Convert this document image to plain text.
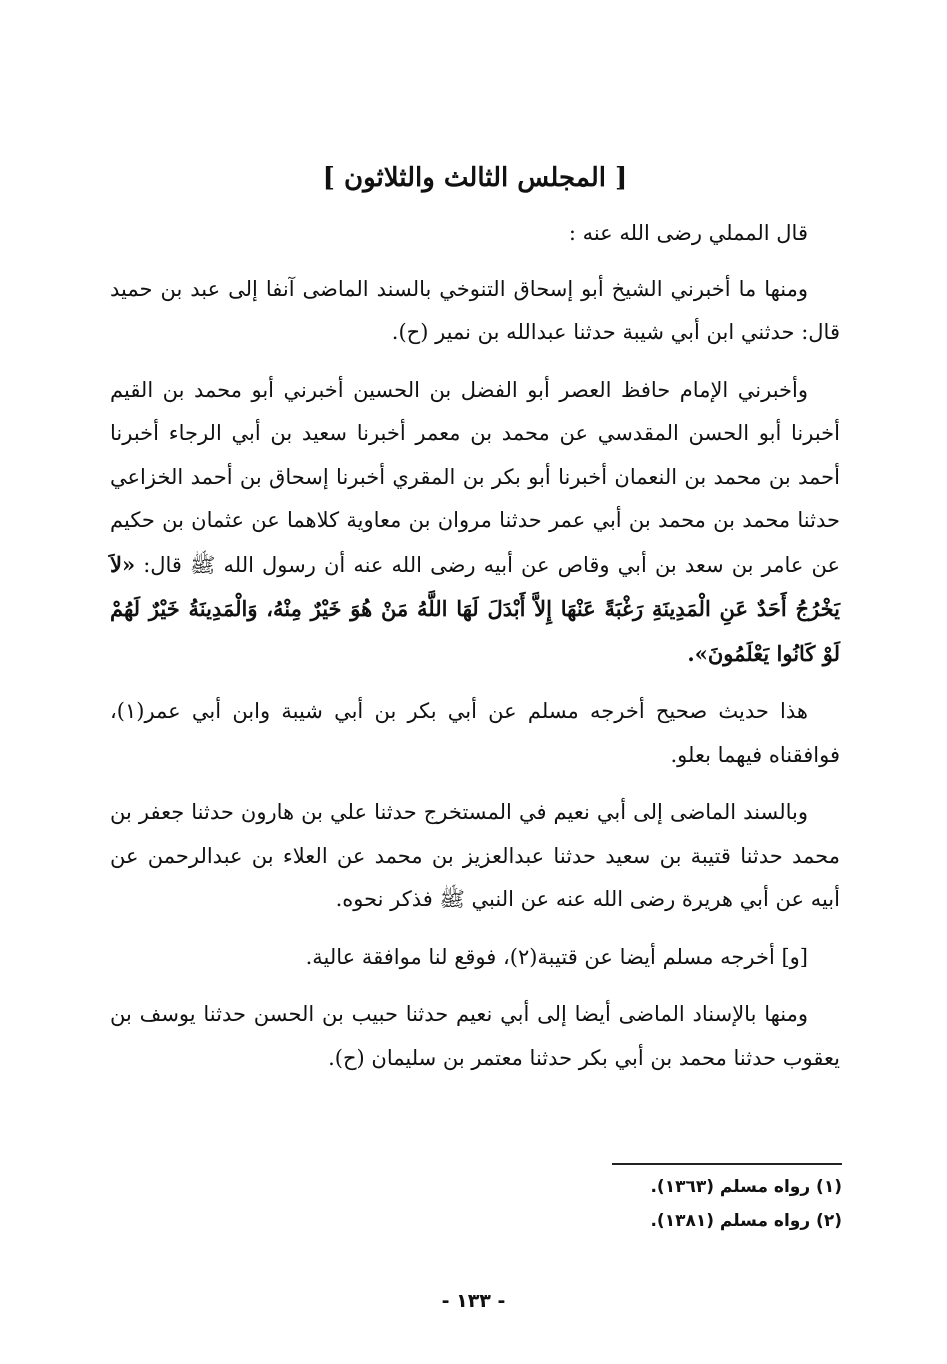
[ المجلس الثالث والثلاثون ]

قال المملي رضى الله عنه :

ومنها ما أخبرني الشيخ أبو إسحاق التنوخي بالسند الماضى آنفا إلى عبد بن حميد قال: حدثني ابن أبي شيبة حدثنا عبدالله بن نمير (ح).

وأخبرني الإمام حافظ العصر أبو الفضل بن الحسين أخبرني أبو محمد بن القيم أخبرنا أبو الحسن المقدسي عن محمد بن معمر أخبرنا سعيد بن أبي الرجاء أخبرنا أحمد بن محمد بن النعمان أخبرنا أبو بكر بن المقري أخبرنا إسحاق بن أحمد الخزاعي حدثنا محمد بن محمد بن أبي عمر حدثنا مروان بن معاوية كلاهما عن عثمان بن حكيم عن عامر بن سعد بن أبي وقاص عن أبيه رضى الله عنه أن رسول الله ﷺ قال: «لاَ يَخْرُجُ أَحَدٌ عَنِ الْمَدِينَةِ رَغْبَةً عَنْهَا إِلاَّ أَبْدَلَ لَهَا اللَّهُ مَنْ هُوَ خَيْرٌ مِنْهُ، وَالْمَدِينَةُ خَيْرٌ لَهُمْ لَوْ كَانُوا يَعْلَمُونَ».

هذا حديث صحيح أخرجه مسلم عن أبي بكر بن أبي شيبة وابن أبي عمر(١)، فوافقناه فيهما بعلو.

وبالسند الماضى إلى أبي نعيم في المستخرج حدثنا علي بن هارون حدثنا جعفر بن محمد حدثنا قتيبة بن سعيد حدثنا عبدالعزيز بن محمد عن العلاء بن عبدالرحمن عن أبيه عن أبي هريرة رضى الله عنه عن النبي ﷺ فذكر نحوه.

[و] أخرجه مسلم أيضا عن قتيبة(٢)، فوقع لنا موافقة عالية.

ومنها بالإسناد الماضى أيضا إلى أبي نعيم حدثنا حبيب بن الحسن حدثنا يوسف بن يعقوب حدثنا محمد بن أبي بكر حدثنا معتمر بن سليمان (ح).

(١) رواه مسلم (١٣٦٣).
(٢) رواه مسلم (١٣٨١).
- ١٣٣ -
